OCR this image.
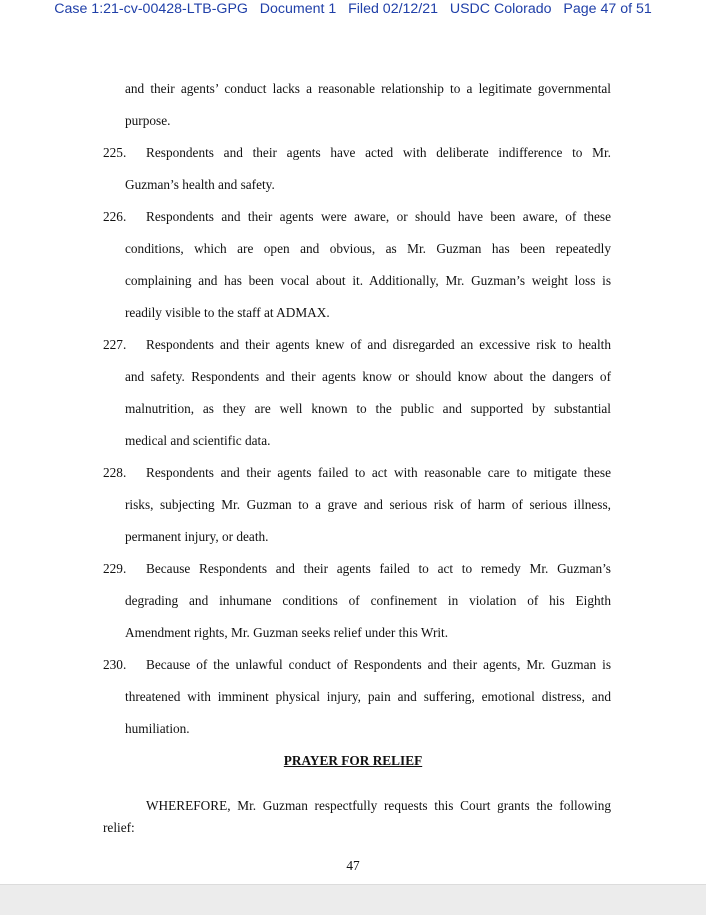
Case 1:21-cv-00428-LTB-GPG   Document 1   Filed 02/12/21   USDC Colorado   Page 47 of 51
and their agents’ conduct lacks a reasonable relationship to a legitimate governmental
purpose.
225. Respondents and their agents have acted with deliberate indifference to Mr.
Guzman’s health and safety.
226. Respondents and their agents were aware, or should have been aware, of these
conditions, which are open and obvious, as Mr. Guzman has been repeatedly
complaining and has been vocal about it. Additionally, Mr. Guzman’s weight loss is
readily visible to the staff at ADMAX.
227. Respondents and their agents knew of and disregarded an excessive risk to health
and safety. Respondents and their agents know or should know about the dangers of
malnutrition, as they are well known to the public and supported by substantial
medical and scientific data.
228. Respondents and their agents failed to act with reasonable care to mitigate these
risks, subjecting Mr. Guzman to a grave and serious risk of harm of serious illness,
permanent injury, or death.
229. Because Respondents and their agents failed to act to remedy Mr. Guzman’s
degrading and inhumane conditions of confinement in violation of his Eighth
Amendment rights, Mr. Guzman seeks relief under this Writ.
230. Because of the unlawful conduct of Respondents and their agents, Mr. Guzman is
threatened with imminent physical injury, pain and suffering, emotional distress, and
humiliation.
PRAYER FOR RELIEF
WHEREFORE, Mr. Guzman respectfully requests this Court grants the following
relief:
47
